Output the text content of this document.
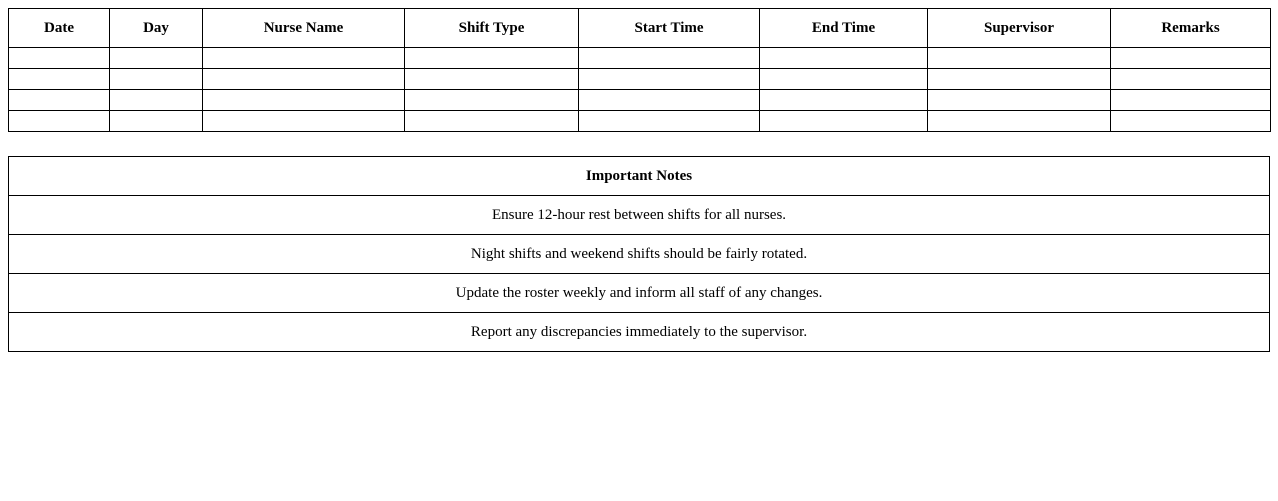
Date	Day	Nurse Name	Shift Type	Start Time	End Time	Supervisor	Remarks

Important Notes
Ensure 12-hour rest between shifts for all nurses.
Night shifts and weekend shifts should be fairly rotated.
Update the roster weekly and inform all staff of any changes.
Report any discrepancies immediately to the supervisor.
